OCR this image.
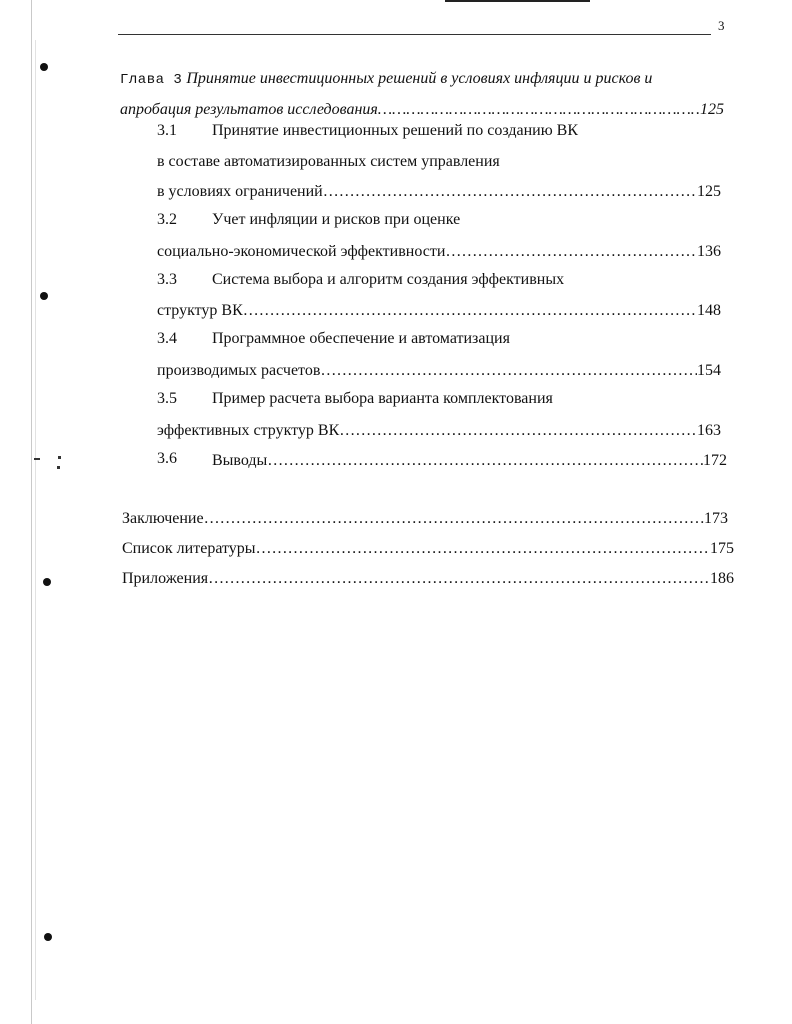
3
Глава 3 Принятие инвестиционных решений в условиях инфляции и рисков и
апробация результатов исследования …………………………………………………………………………………………………………………………………………………………………………………………………………	125
3.1 Принятие инвестиционных решений по созданию ВК
в составе автоматизированных систем управления
в условиях ограничений …………………………………………………………………………………………………………………………………………………………………………………………………………	125
3.2 Учет инфляции и рисков при оценке
социально-экономической эффективности …………………………………………………………………………………………………………………………………………………………………………………………………………	136
3.3 Система выбора и алгоритм создания эффективных
структур ВК …………………………………………………………………………………………………………………………………………………………………………………………………………	148
3.4 Программное обеспечение и автоматизация
производимых расчетов …………………………………………………………………………………………………………………………………………………………………………………………………………	154
3.5 Пример расчета выбора варианта комплектования
эффективных структур ВК …………………………………………………………………………………………………………………………………………………………………………………………………………	163
3.6 Выводы …………………………………………………………………………………………………………………………………………………………………………………………………………	172
Заключение …………………………………………………………………………………………………………………………………………………………………………………………………………	173
Список литературы …………………………………………………………………………………………………………………………………………………………………………………………………………	175
Приложения …………………………………………………………………………………………………………………………………………………………………………………………………………	186
